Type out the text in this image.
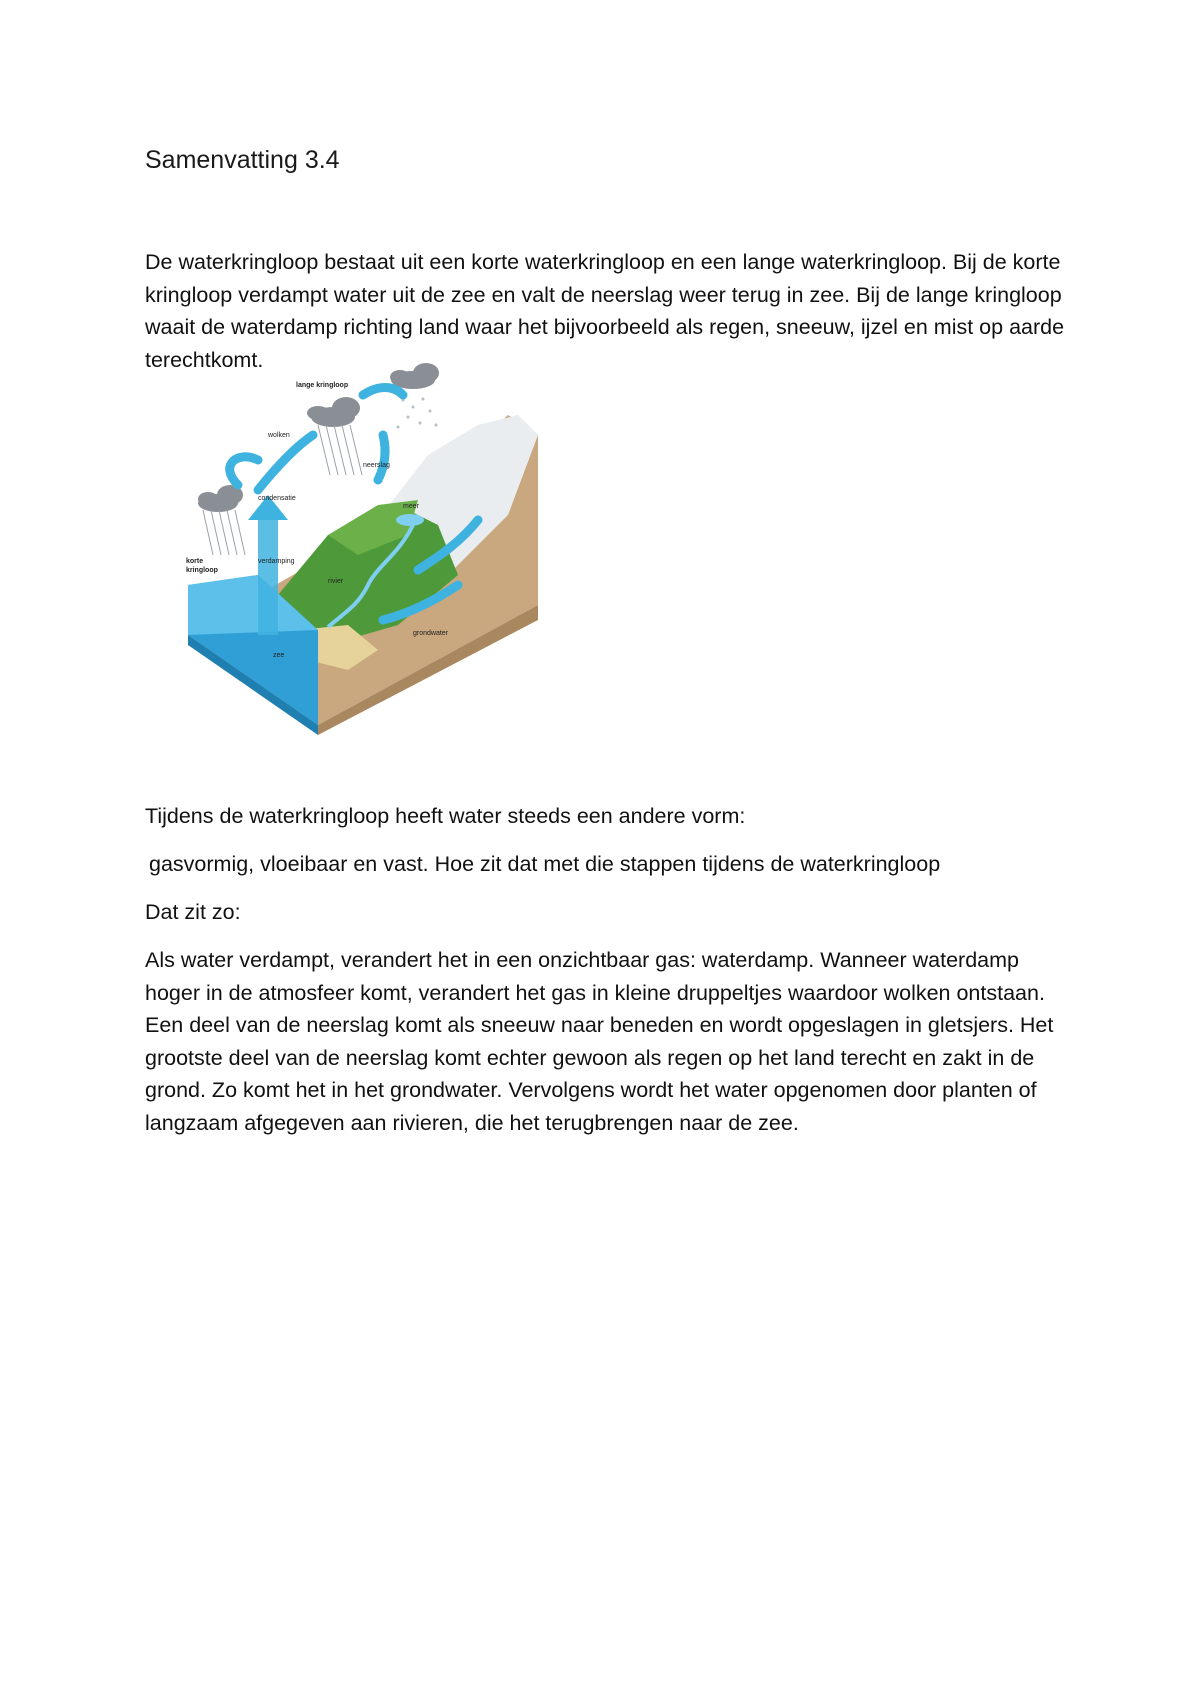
Samenvatting 3.4

De waterkringloop bestaat uit een korte waterkringloop en een lange waterkringloop. Bij de korte kringloop verdampt water uit de zee en valt de neerslag weer terug in zee. Bij de lange kringloop waait de waterdamp richting land waar het bijvoorbeeld als regen, sneeuw, ijzel en mist op aarde terechtkomt.

lange kringloop
wolken
condensatie
korte
kringloop
verdamping
neerslag
meer
rivier
grondwater
zee

Tijdens de waterkringloop heeft water steeds een andere vorm:

gasvormig, vloeibaar en vast. Hoe zit dat met die stappen tijdens de waterkringloop

Dat zit zo:

Als water verdampt, verandert het in een onzichtbaar gas: waterdamp. Wanneer waterdamp hoger in de atmosfeer komt, verandert het gas in kleine druppeltjes waardoor wolken ontstaan. Een deel van de neerslag komt als sneeuw naar beneden en wordt opgeslagen in gletsjers. Het grootste deel van de neerslag komt echter gewoon als regen op het land terecht en zakt in de grond. Zo komt het in het grondwater. Vervolgens wordt het water opgenomen door planten of langzaam afgegeven aan rivieren, die het terugbrengen naar de zee.
